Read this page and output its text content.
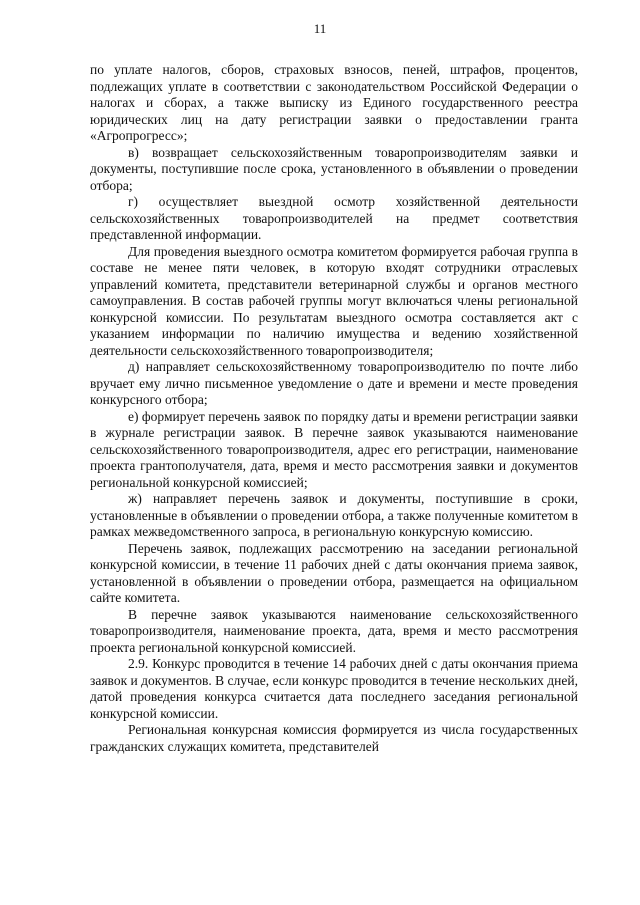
11

по уплате налогов, сборов, страховых взносов, пеней, штрафов, процентов, подлежащих уплате в соответствии с законодательством Российской Федерации о налогах и сборах, а также выписку из Единого государственного реестра юридических лиц на дату регистрации заявки о предоставлении гранта «Агропрогресс»;

в) возвращает сельскохозяйственным товаропроизводителям заявки и документы, поступившие после срока, установленного в объявлении о проведении отбора;

г) осуществляет выездной осмотр хозяйственной деятельности сельскохозяйственных товаропроизводителей на предмет соответствия представленной информации.

Для проведения выездного осмотра комитетом формируется рабочая группа в составе не менее пяти человек, в которую входят сотрудники отраслевых управлений комитета, представители ветеринарной службы и органов местного самоуправления. В состав рабочей группы могут включаться члены региональной конкурсной комиссии. По результатам выездного осмотра составляется акт с указанием информации по наличию имущества и ведению хозяйственной деятельности сельскохозяйственного товаропроизводителя;

д) направляет сельскохозяйственному товаропроизводителю по почте либо вручает ему лично письменное уведомление о дате и времени и месте проведения конкурсного отбора;

е) формирует перечень заявок по порядку даты и времени регистрации заявки в журнале регистрации заявок. В перечне заявок указываются наименование сельскохозяйственного товаропроизводителя, адрес его регистрации, наименование проекта грантополучателя, дата, время и место рассмотрения заявки и документов региональной конкурсной комиссией;

ж) направляет перечень заявок и документы, поступившие в сроки, установленные в объявлении о проведении отбора, а также полученные комитетом в рамках межведомственного запроса, в региональную конкурсную комиссию.

Перечень заявок, подлежащих рассмотрению на заседании региональной конкурсной комиссии, в течение 11 рабочих дней с даты окончания приема заявок, установленной в объявлении о проведении отбора, размещается на официальном сайте комитета.

В перечне заявок указываются наименование сельскохозяйственного товаропроизводителя, наименование проекта, дата, время и место рассмотрения проекта региональной конкурсной комиссией.

2.9. Конкурс проводится в течение 14 рабочих дней с даты окончания приема заявок и документов. В случае, если конкурс проводится в течение нескольких дней, датой проведения конкурса считается дата последнего заседания региональной конкурсной комиссии.

Региональная конкурсная комиссия формируется из числа государственных гражданских служащих комитета, представителей
